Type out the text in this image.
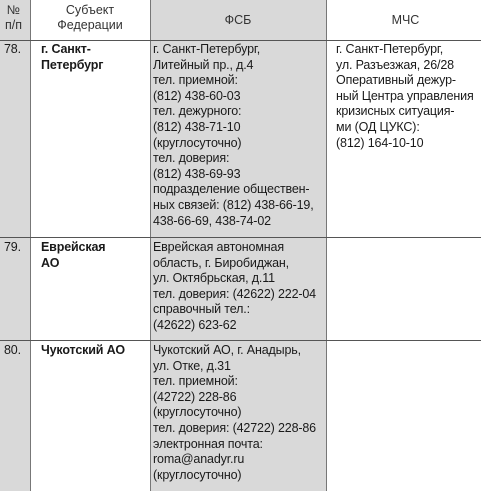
№
п/п
Субъект
Федерации	ФСБ	МЧС
78. г. Санкт-
Петербург
г. Санкт-Петербург,
Литейный пр., д.4
тел. приемной:
(812) 438-60-03
тел. дежурного:
(812) 438-71-10
(круглосуточно)
тел. доверия:
(812) 438-69-93
подразделение обществен-
ных связей: (812) 438-66-19,
438-66-69, 438-74-02
г. Санкт-Петербург,
ул. Разъезжая, 26/28
Оперативный дежур-
ный Центра управления
кризисных ситуация-
ми (ОД ЦУКС):
(812) 164-10-10
79. Еврейская
АО
Еврейская автономная
область, г. Биробиджан,
ул. Октябрьская, д.11
тел. доверия: (42622) 222-04
справочный тел.:
(42622) 623-62
80. Чукотский АО Чукотский АО, г. Анадырь,
ул. Отке, д.31
тел. приемной:
(42722) 228-86
(круглосуточно)
тел. доверия: (42722) 228-86
электронная почта:
roma@anadyr.ru
(круглосуточно)
